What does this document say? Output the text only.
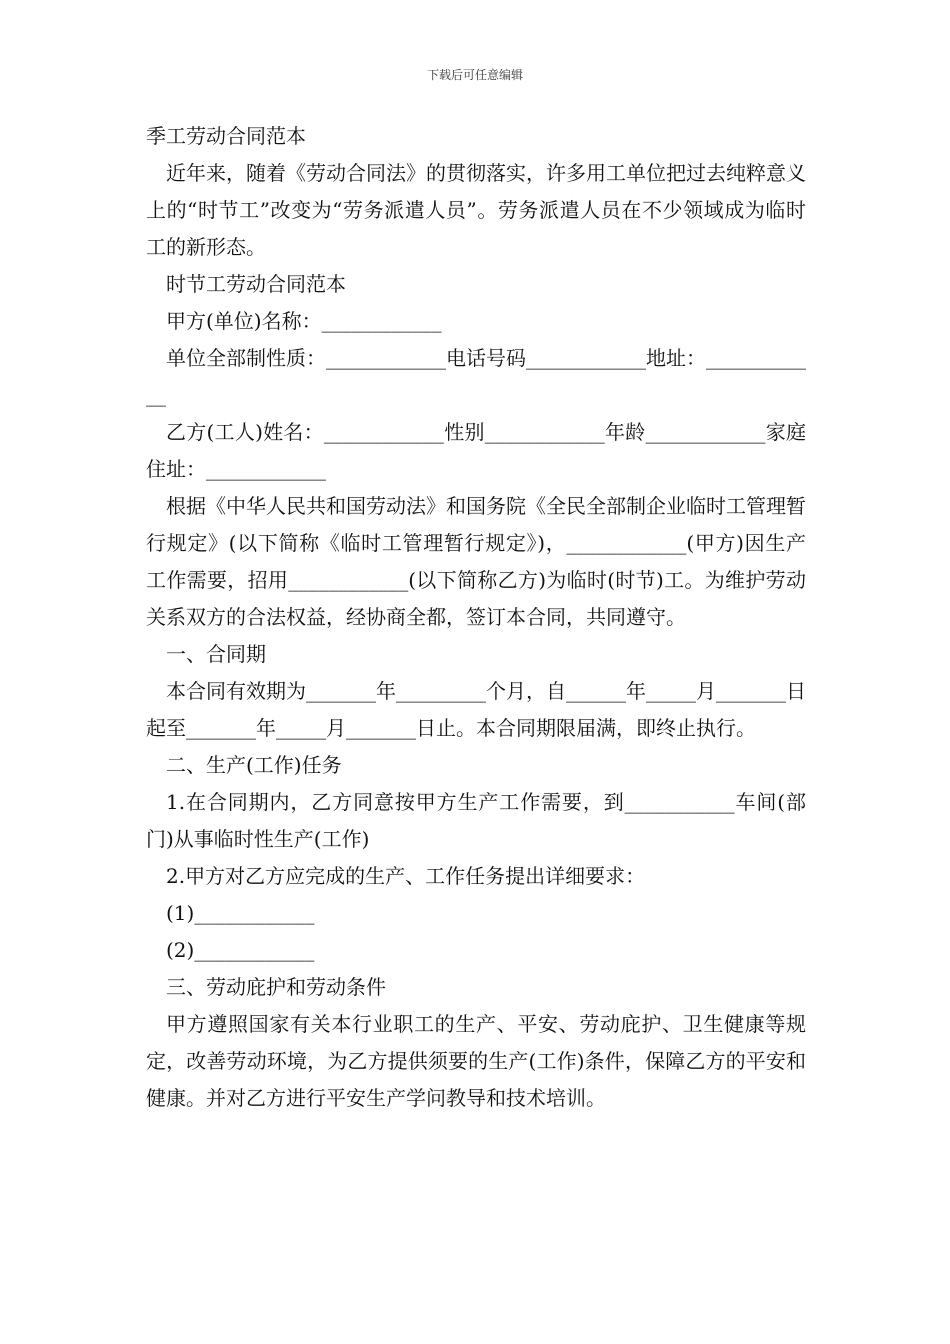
下载后可任意编辑

季工劳动合同范本

近年来，随着《劳动合同法》的贯彻落实，许多用工单位把过去纯粹意义上的“时节工”改变为“劳务派遣人员”。劳务派遣人员在不少领域成为临时工的新形态。

时节工劳动合同范本

甲方(单位)名称：____________

单位全部制性质：____________电话号码____________地址：____________

乙方(工人)姓名：____________性别____________年龄____________家庭住址：____________

根据《中华人民共和国劳动法》和国务院《全民全部制企业临时工管理暂行规定》(以下简称《临时工管理暂行规定》)，____________(甲方)因生产工作需要，招用____________(以下简称乙方)为临时(时节)工。为维护劳动关系双方的合法权益，经协商全都，签订本合同，共同遵守。

一、合同期

本合同有效期为_______年_________个月，自______年_____月_______日起至_______年_____月_______日止。本合同期限届满，即终止执行。

二、生产(工作)任务

1.在合同期内，乙方同意按甲方生产工作需要，到___________车间(部门)从事临时性生产(工作)

2.甲方对乙方应完成的生产、工作任务提出详细要求：

(1)____________

(2)____________

三、劳动庇护和劳动条件

甲方遵照国家有关本行业职工的生产、平安、劳动庇护、卫生健康等规定，改善劳动环境，为乙方提供须要的生产(工作)条件，保障乙方的平安和健康。并对乙方进行平安生产学问教导和技术培训。
